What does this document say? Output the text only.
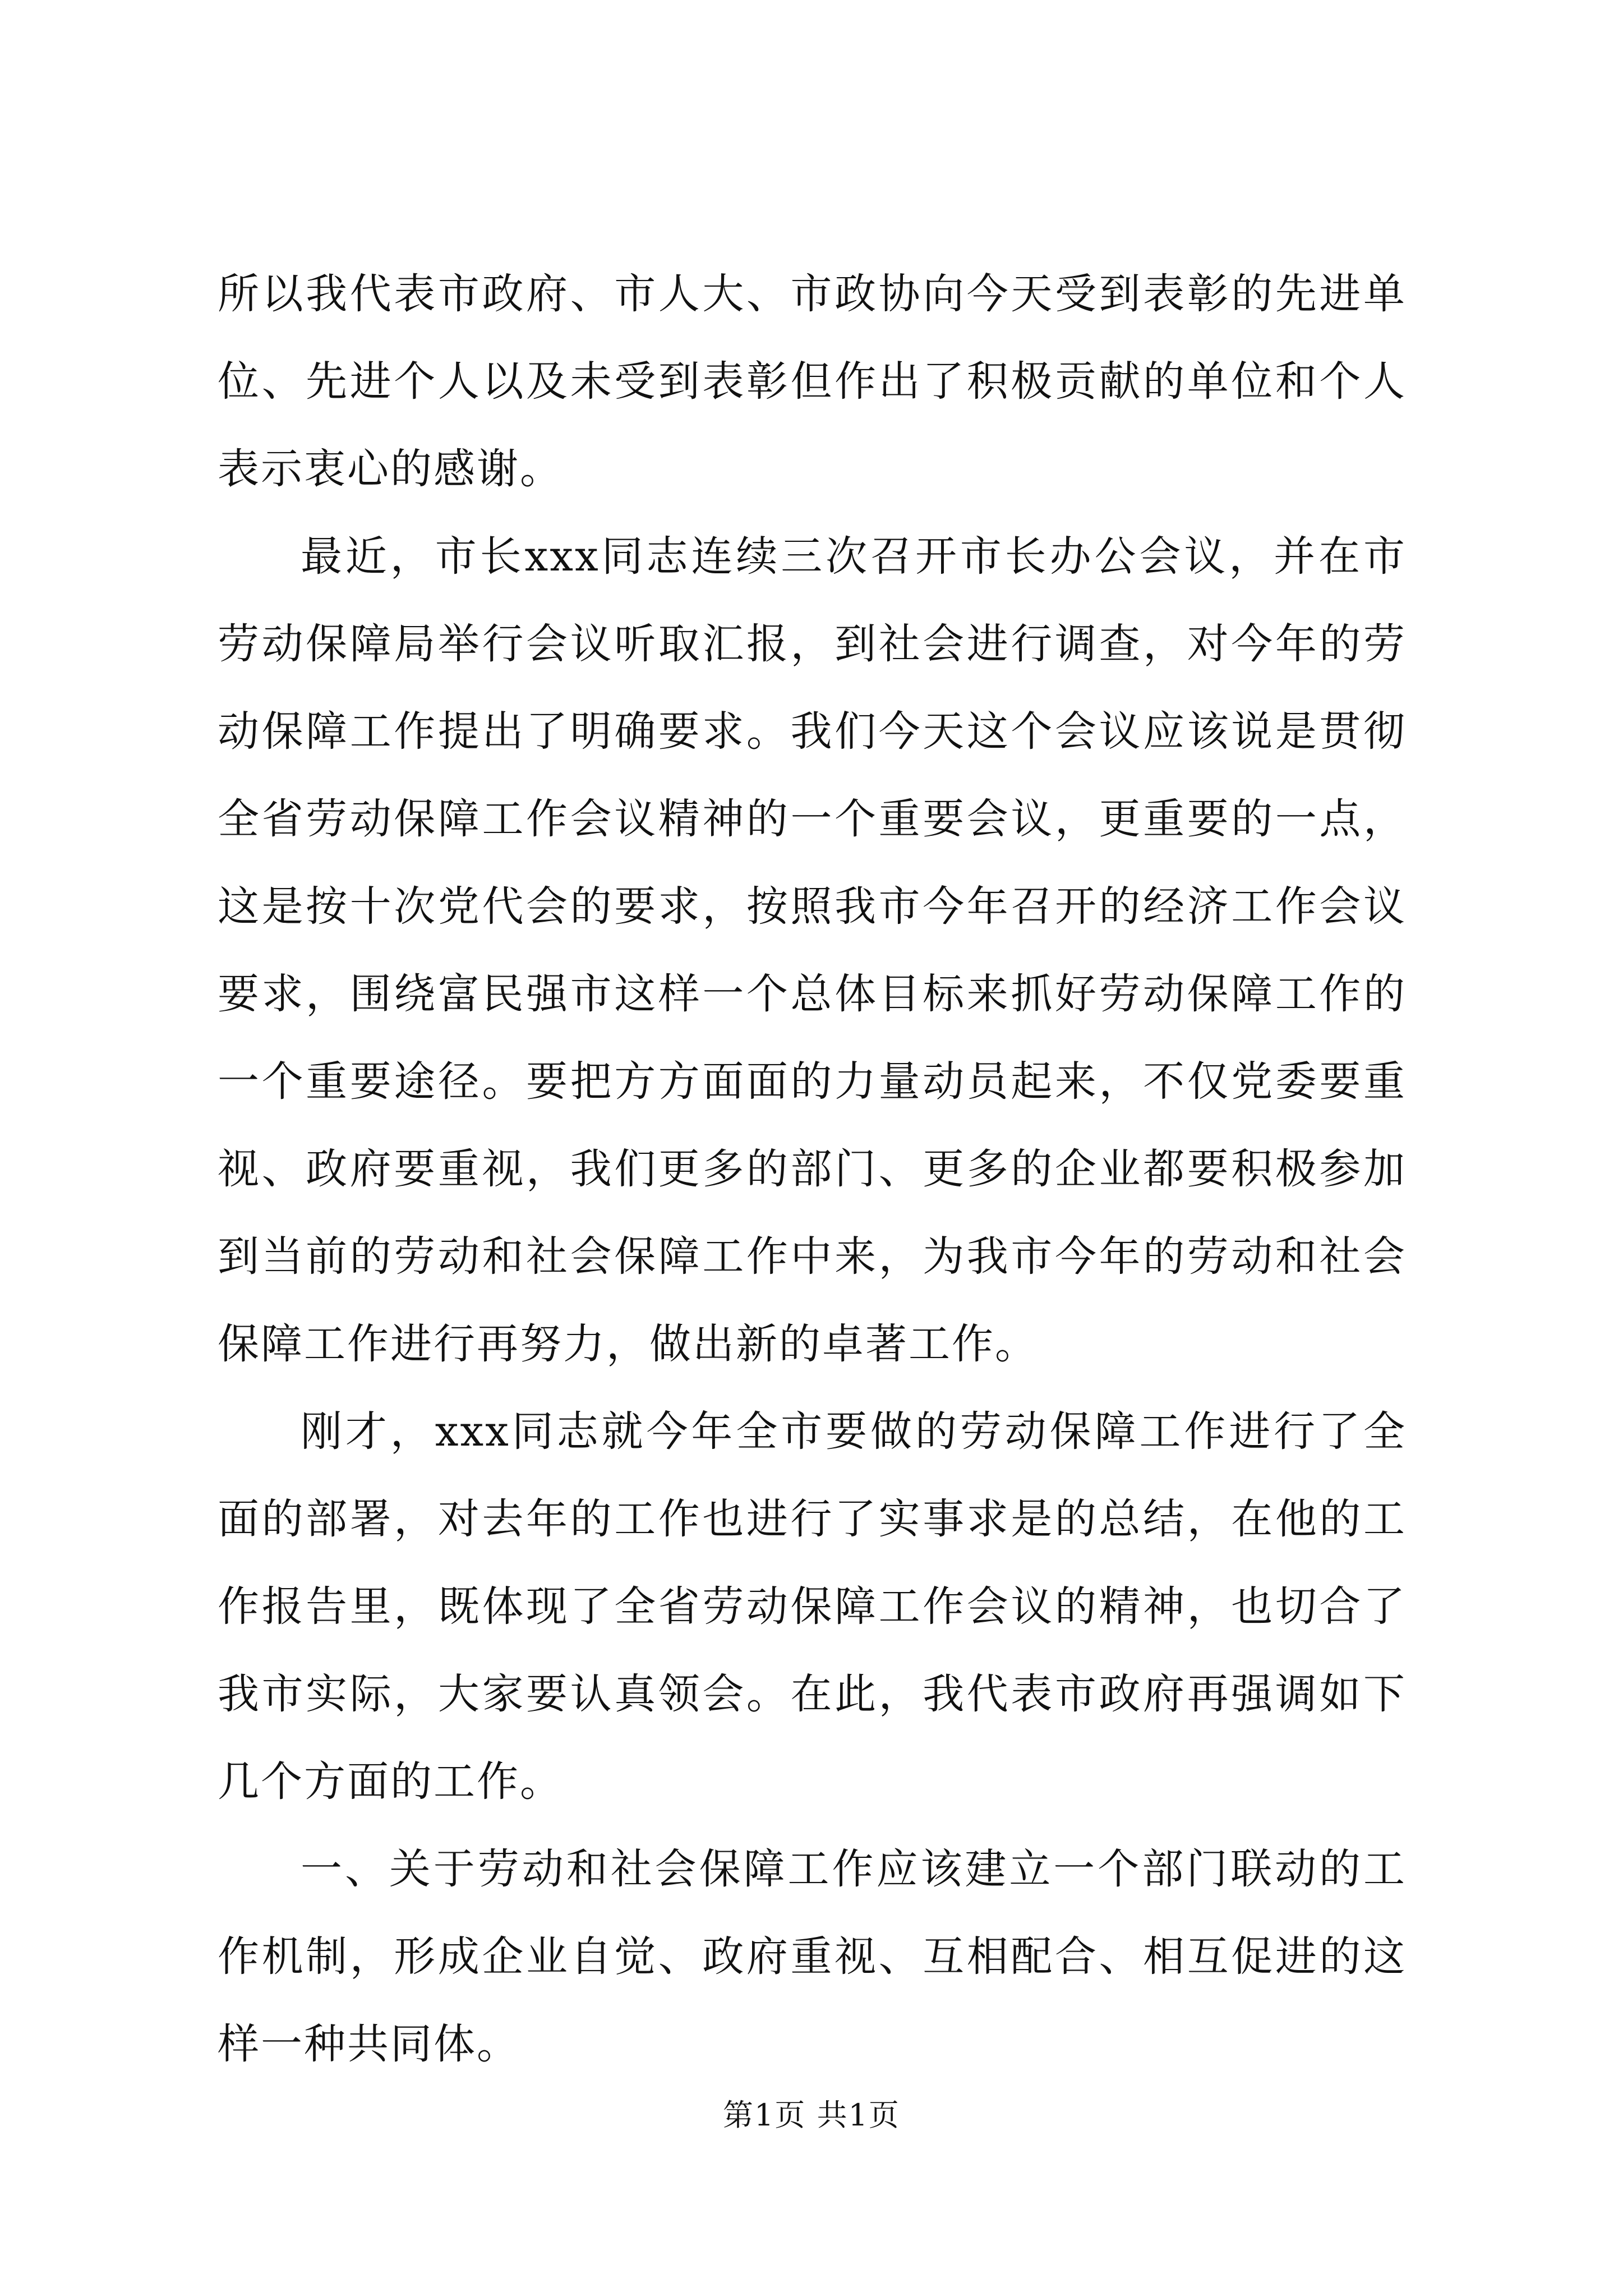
所以我代表市政府、市人大、市政协向今天受到表彰的先进单位、先进个人以及未受到表彰但作出了积极贡献的单位和个人表示衷心的感谢。

最近，市长xxx同志连续三次召开市长办公会议，并在市劳动保障局举行会议听取汇报，到社会进行调查，对今年的劳动保障工作提出了明确要求。我们今天这个会议应该说是贯彻全省劳动保障工作会议精神的一个重要会议，更重要的一点，这是按十次党代会的要求，按照我市今年召开的经济工作会议要求，围绕富民强市这样一个总体目标来抓好劳动保障工作的一个重要途径。要把方方面面的力量动员起来，不仅党委要重视、政府要重视，我们更多的部门、更多的企业都要积极参加到当前的劳动和社会保障工作中来，为我市今年的劳动和社会保障工作进行再努力，做出新的卓著工作。

刚才，xxx同志就今年全市要做的劳动保障工作进行了全面的部署，对去年的工作也进行了实事求是的总结，在他的工作报告里，既体现了全省劳动保障工作会议的精神，也切合了我市实际，大家要认真领会。在此，我代表市政府再强调如下几个方面的工作。

一、关于劳动和社会保障工作应该建立一个部门联动的工作机制，形成企业自觉、政府重视、互相配合、相互促进的这样一种共同体。

第1页 共1页
